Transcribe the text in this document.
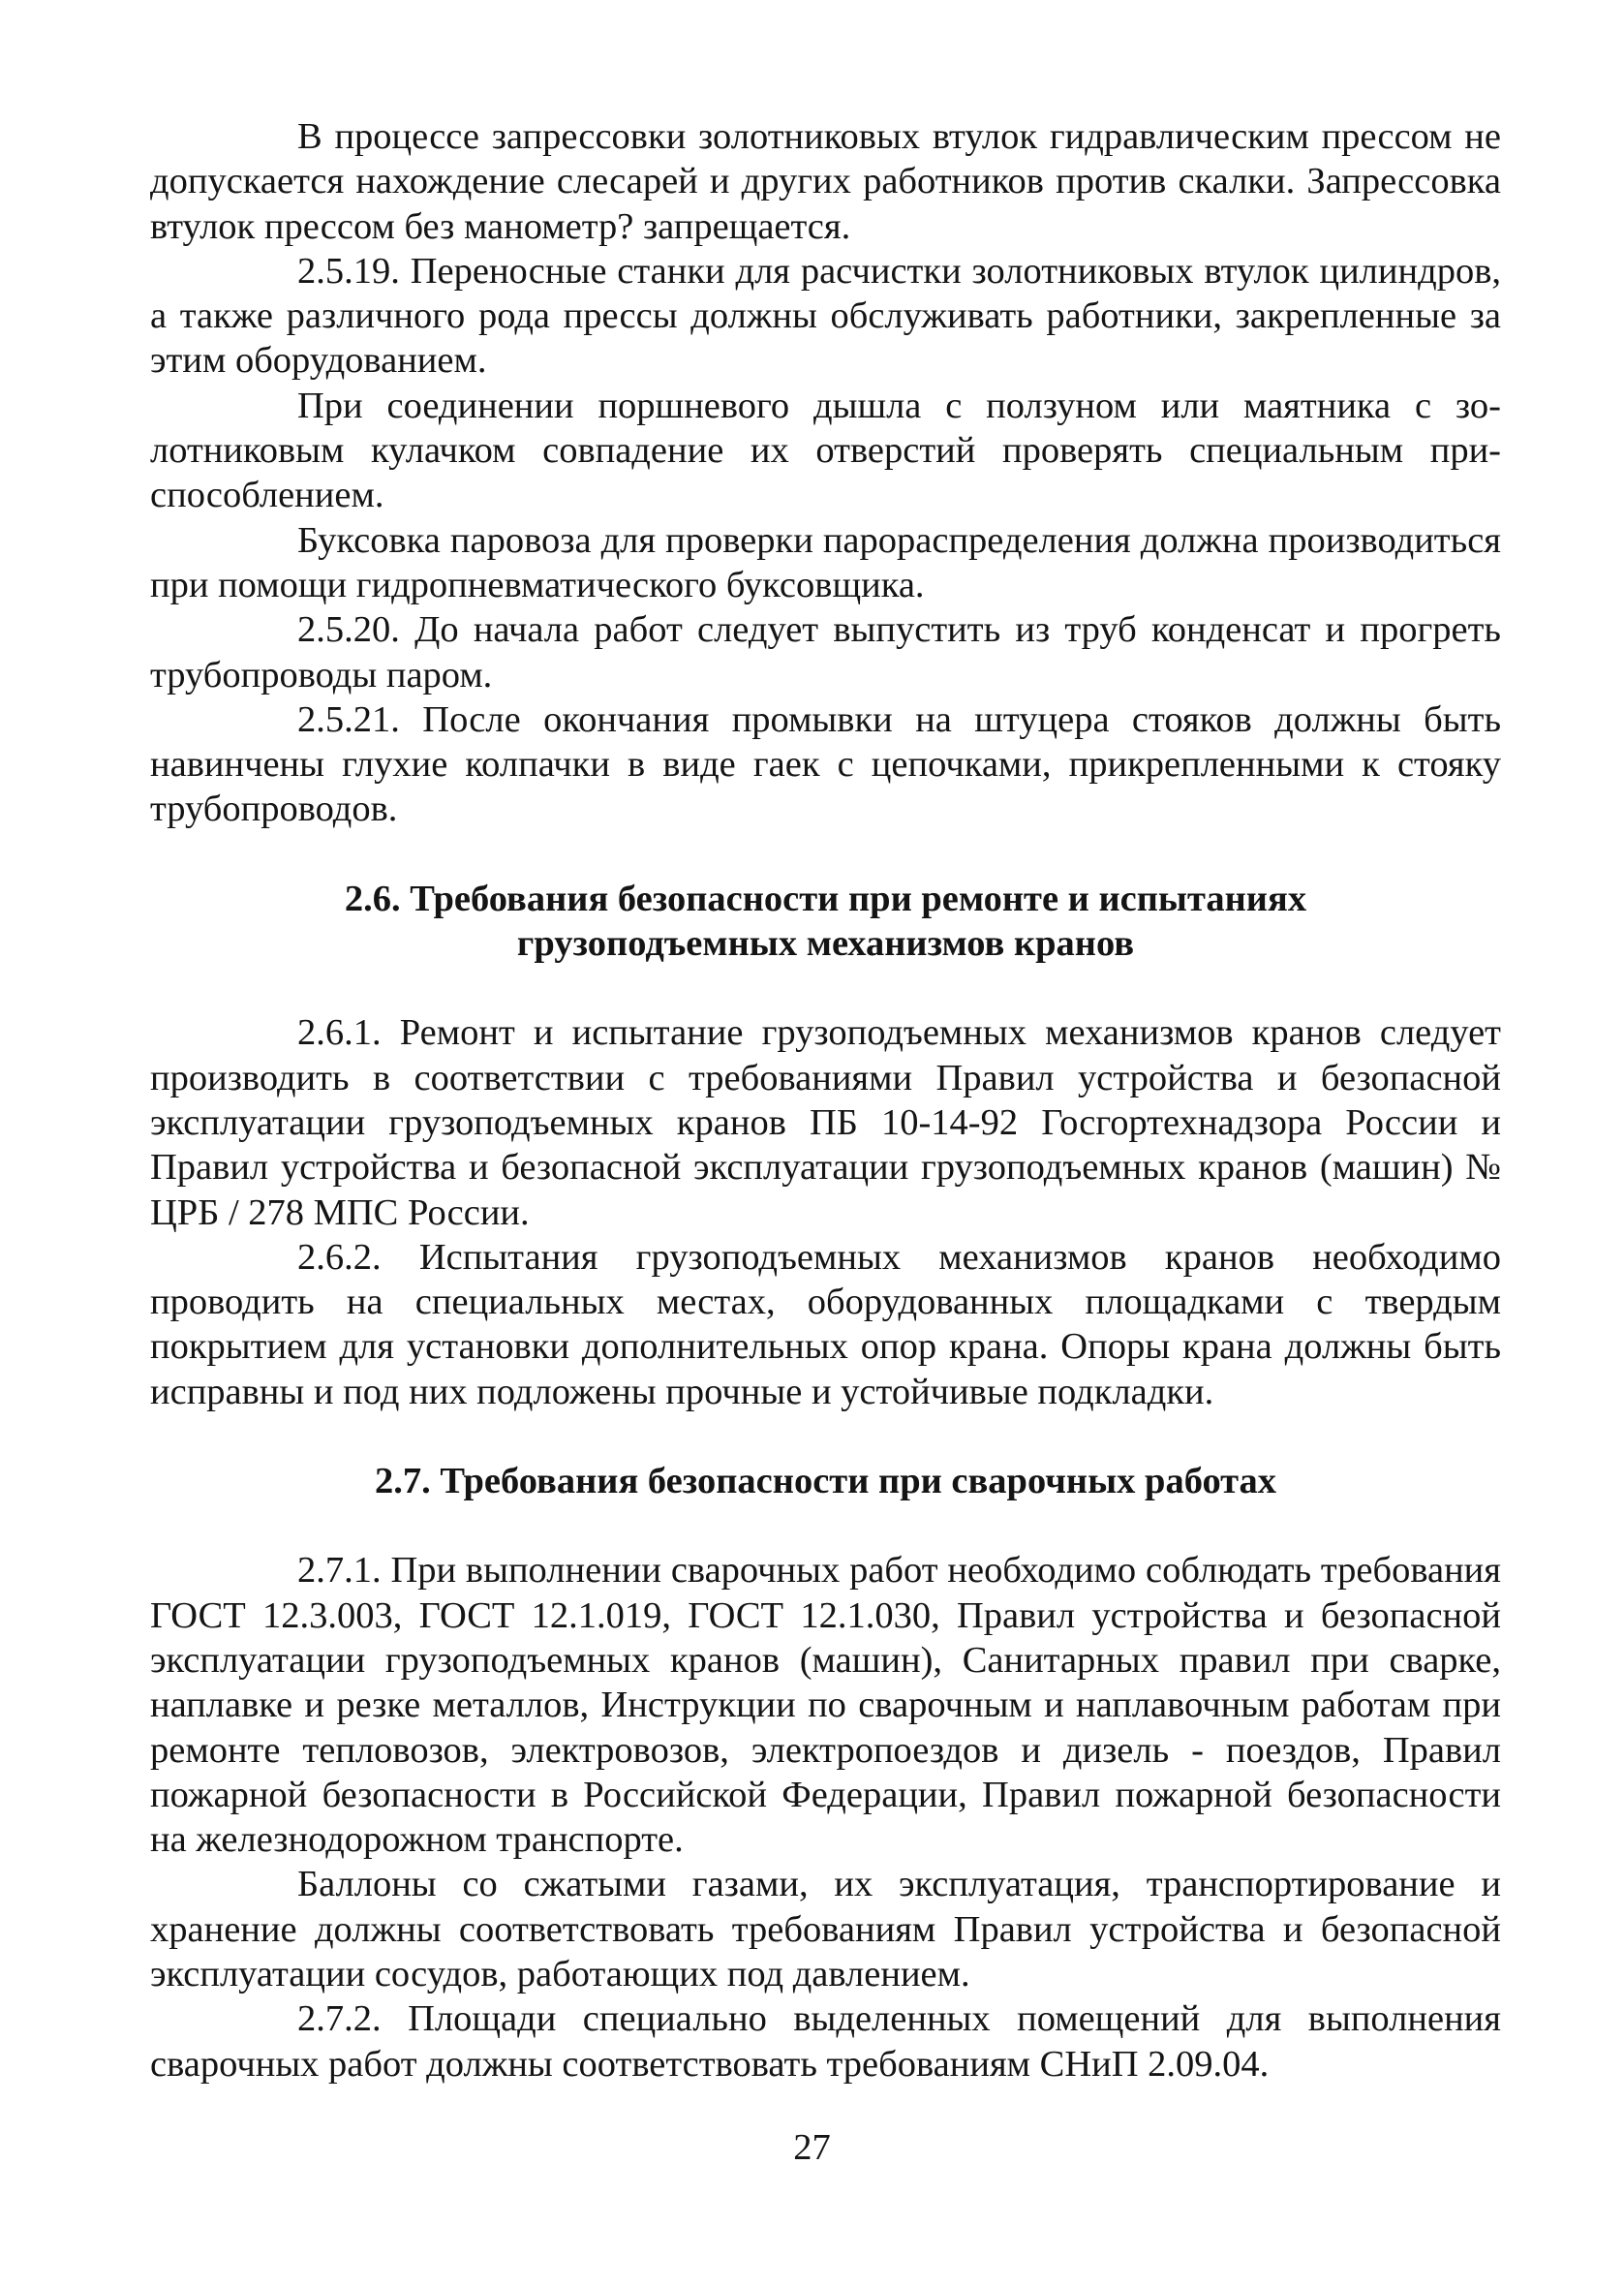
В процессе запрессовки золотниковых втулок гидравлическим прессом не допускается нахождение слесарей и других работников против скалки. Запрессовка втулок прессом без манометр? запрещается.

2.5.19. Переносные станки для расчистки золотниковых втулок цилиндров, а также различного рода прессы должны обслуживать работники, закрепленные за этим оборудованием.

При соединении поршневого дышла с ползуном или маятника с золотниковым кулачком совпадение их отверстий проверять специальным приспособлением.

Буксовка паровоза для проверки парораспределения должна производиться при помощи гидропневматического буксовщика.

2.5.20. До начала работ следует выпустить из труб конденсат и прогреть трубопроводы паром.

2.5.21. После окончания промывки на штуцера стояков должны быть навинчены глухие колпачки в виде гаек с цепочками, прикрепленными к стояку трубопроводов.

2.6. Требования безопасности при ремонте и испытаниях
грузоподъемных механизмов кранов

2.6.1. Ремонт и испытание грузоподъемных механизмов кранов следует производить в соответствии с требованиями Правил устройства и безопасной эксплуатации грузоподъемных кранов ПБ 10-14-92 Госгортехнадзора России и Правил устройства и безопасной эксплуатации грузоподъемных кранов (машин) № ЦРБ / 278 МПС России.

2.6.2. Испытания грузоподъемных механизмов кранов необходимо проводить на специальных местах, оборудованных площадками с твердым покрытием для установки дополнительных опор крана. Опоры крана должны быть исправны и под них подложены прочные и устойчивые подкладки.

2.7. Требования безопасности при сварочных работах

2.7.1. При выполнении сварочных работ необходимо соблюдать требования ГОСТ 12.3.003, ГОСТ 12.1.019, ГОСТ 12.1.030, Правил устройства и безопасной эксплуатации грузоподъемных кранов (машин), Санитарных правил при сварке, наплавке и резке металлов, Инструкции по сварочным и наплавочным работам при ремонте тепловозов, электровозов, электропоездов и дизель - поездов, Правил пожарной безопасности в Российской Федерации, Правил пожарной безопасности на железнодорожном транспорте.

Баллоны со сжатыми газами, их эксплуатация, транспортирование и хранение должны соответствовать требованиям Правил устройства и безопасной эксплуатации сосудов, работающих под давлением.

2.7.2. Площади специально выделенных помещений для выполнения сварочных работ должны соответствовать требованиям СНиП 2.09.04.

27
